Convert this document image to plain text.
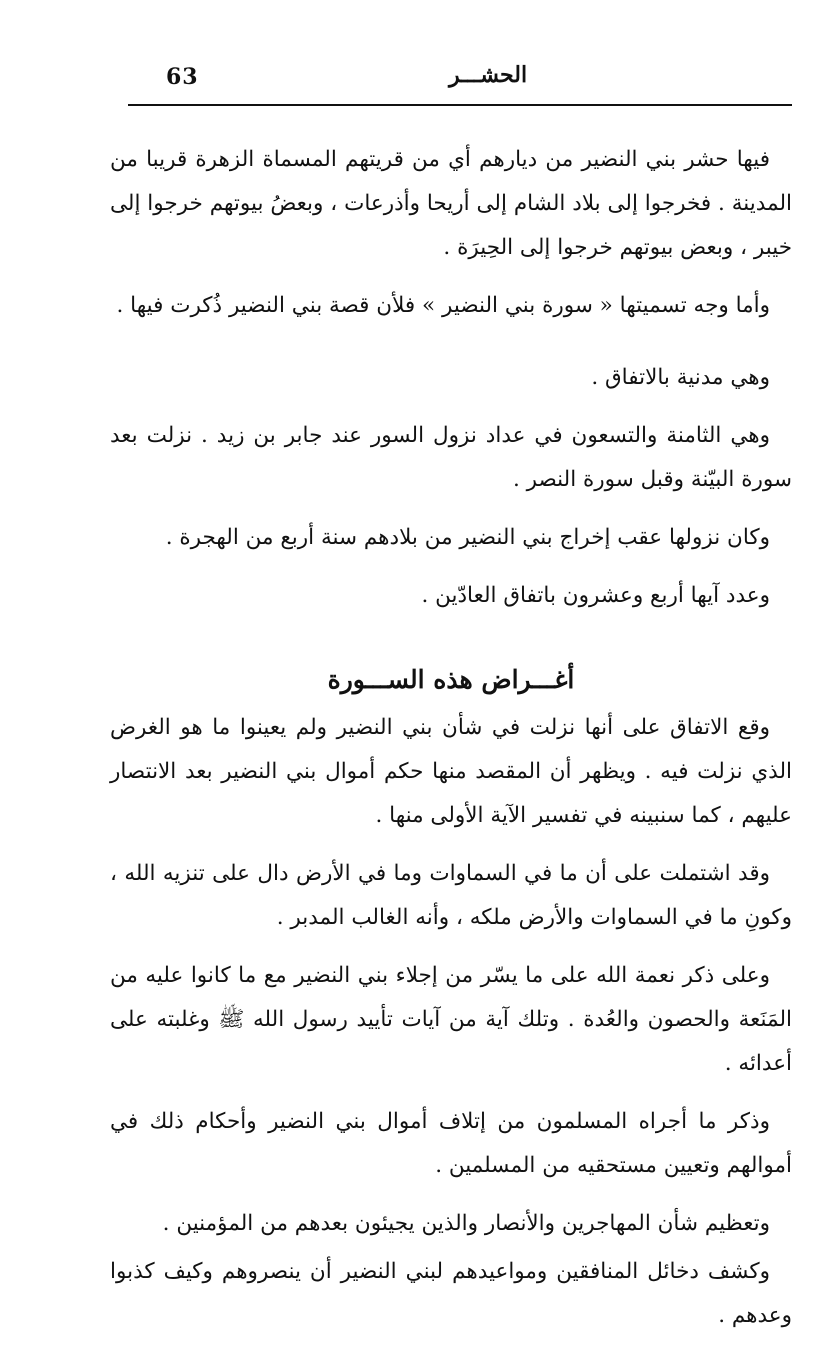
63	الحشـــر

فيها حشر بني النضير من ديارهم أي من قريتهم المسماة الزهرة قريبا من المدينة . فخرجوا إلى بلاد الشام إلى أريحا وأذرعات ، وبعضُ بيوتهم خرجوا إلى خيبر ، وبعض بيوتهم خرجوا إلى الحِيرَة .

وأما وجه تسميتها « سورة بني النضير » فلأن قصة بني النضير ذُكرت فيها .

وهي مدنية بالاتفاق .

وهي الثامنة والتسعون في عداد نزول السور عند جابر بن زيد . نزلت بعد سورة البيّنة وقبل سورة النصر .

وكان نزولها عقب إخراج بني النضير من بلادهم سنة أربع من الهجرة .

وعدد آيها أربع وعشرون باتفاق العادّين .

أغـــراض هذه الســـورة

وقع الاتفاق على أنها نزلت في شأن بني النضير ولم يعينوا ما هو الغرض الذي نزلت فيه . ويظهر أن المقصد منها حكم أموال بني النضير بعد الانتصار عليهم ، كما سنبينه في تفسير الآية الأولى منها .

وقد اشتملت على أن ما في السماوات وما في الأرض دال على تنزيه الله ، وكونِ ما في السماوات والأرض ملكه ، وأنه الغالب المدبر .

وعلى ذكر نعمة الله على ما يسّر من إجلاء بني النضير مع ما كانوا عليه من المَنَعة والحصون والعُدة . وتلك آية من آيات تأييد رسول الله ﷺ وغلبته على أعدائه .

وذكر ما أجراه المسلمون من إتلاف أموال بني النضير وأحكام ذلك في أموالهم وتعيين مستحقيه من المسلمين .

وتعظيم شأن المهاجرين والأنصار والذين يجيئون بعدهم من المؤمنين .

وكشف دخائل المنافقين ومواعيدهم لبني النضير أن ينصروهم وكيف كذبوا وعدهم .
